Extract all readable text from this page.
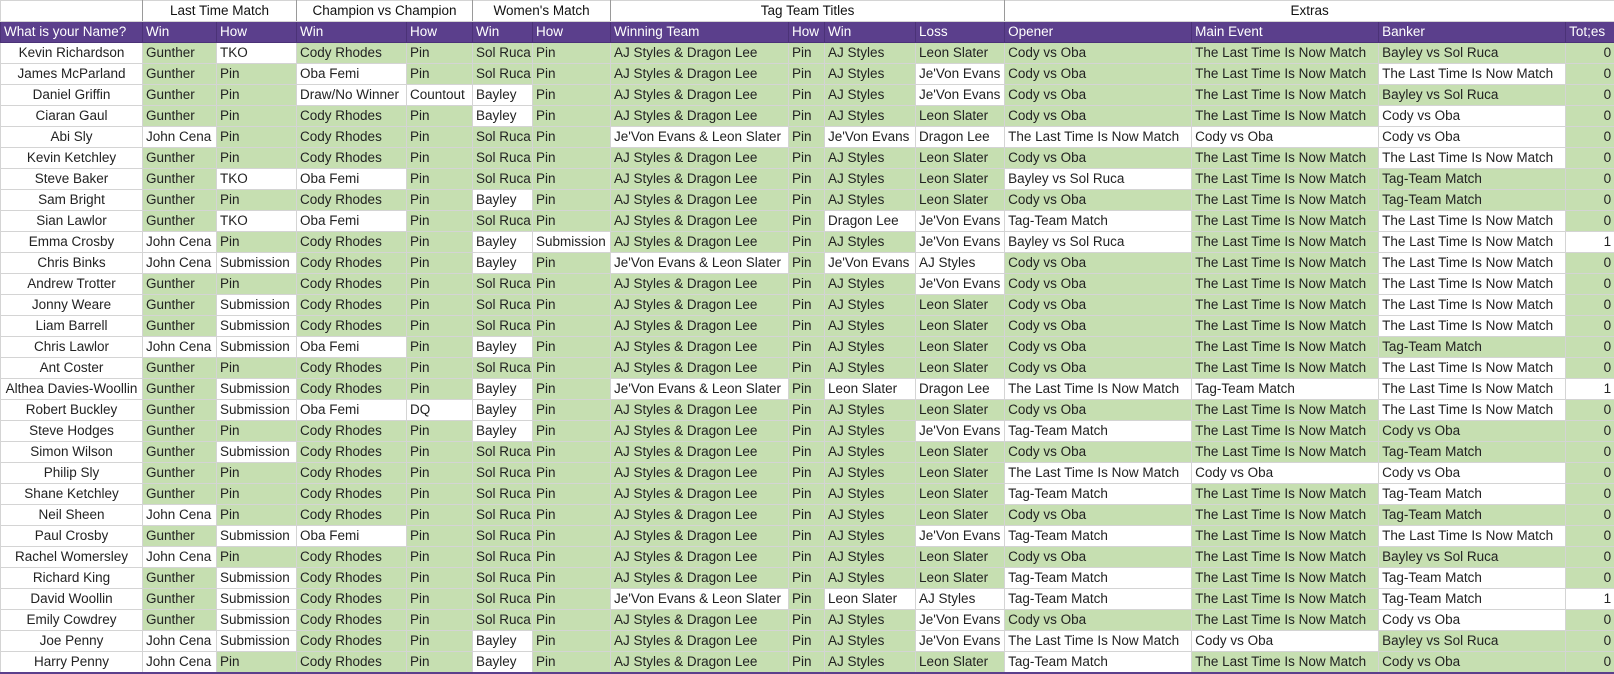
	Last Time Match		Champion vs Champion		Women's Match		Tag Team Titles				Extras			
What is your Name?	Win	How	Win	How	Win	How	Winning Team	How	Win	Loss	Opener	Main Event	Banker	Tot;es
Kevin Richardson	Gunther	TKO	Cody Rhodes	Pin	Sol Ruca	Pin	AJ Styles & Dragon Lee	Pin	AJ Styles	Leon Slater	Cody vs Oba	The Last Time Is Now Match	Bayley vs Sol Ruca	0
James McParland	Gunther	Pin	Oba Femi	Pin	Sol Ruca	Pin	AJ Styles & Dragon Lee	Pin	AJ Styles	Je'Von Evans	Cody vs Oba	The Last Time Is Now Match	The Last Time Is Now Match	0
Daniel Griffin	Gunther	Pin	Draw/No Winner	Countout	Bayley	Pin	AJ Styles & Dragon Lee	Pin	AJ Styles	Je'Von Evans	Cody vs Oba	The Last Time Is Now Match	Bayley vs Sol Ruca	0
Ciaran Gaul	Gunther	Pin	Cody Rhodes	Pin	Bayley	Pin	AJ Styles & Dragon Lee	Pin	AJ Styles	Leon Slater	Cody vs Oba	The Last Time Is Now Match	Cody vs Oba	0
Abi Sly	John Cena	Pin	Cody Rhodes	Pin	Sol Ruca	Pin	Je'Von Evans & Leon Slater	Pin	Je'Von Evans	Dragon Lee	The Last Time Is Now Match	Cody vs Oba	Cody vs Oba	0
Kevin Ketchley	Gunther	Pin	Cody Rhodes	Pin	Sol Ruca	Pin	AJ Styles & Dragon Lee	Pin	AJ Styles	Leon Slater	Cody vs Oba	The Last Time Is Now Match	The Last Time Is Now Match	0
Steve Baker	Gunther	TKO	Oba Femi	Pin	Sol Ruca	Pin	AJ Styles & Dragon Lee	Pin	AJ Styles	Leon Slater	Bayley vs Sol Ruca	The Last Time Is Now Match	Tag-Team Match	0
Sam Bright	Gunther	Pin	Cody Rhodes	Pin	Bayley	Pin	AJ Styles & Dragon Lee	Pin	AJ Styles	Leon Slater	Cody vs Oba	The Last Time Is Now Match	Tag-Team Match	0
Sian Lawlor	Gunther	TKO	Oba Femi	Pin	Sol Ruca	Pin	AJ Styles & Dragon Lee	Pin	Dragon Lee	Je'Von Evans	Tag-Team Match	The Last Time Is Now Match	The Last Time Is Now Match	0
Emma Crosby	John Cena	Pin	Cody Rhodes	Pin	Bayley	Submission	AJ Styles & Dragon Lee	Pin	AJ Styles	Je'Von Evans	Bayley vs Sol Ruca	The Last Time Is Now Match	The Last Time Is Now Match	1
Chris Binks	John Cena	Submission	Cody Rhodes	Pin	Bayley	Pin	Je'Von Evans & Leon Slater	Pin	Je'Von Evans	AJ Styles	Cody vs Oba	The Last Time Is Now Match	The Last Time Is Now Match	0
Andrew Trotter	Gunther	Pin	Cody Rhodes	Pin	Sol Ruca	Pin	AJ Styles & Dragon Lee	Pin	AJ Styles	Je'Von Evans	Cody vs Oba	The Last Time Is Now Match	The Last Time Is Now Match	0
Jonny Weare	Gunther	Submission	Cody Rhodes	Pin	Sol Ruca	Pin	AJ Styles & Dragon Lee	Pin	AJ Styles	Leon Slater	Cody vs Oba	The Last Time Is Now Match	The Last Time Is Now Match	0
Liam Barrell	Gunther	Submission	Cody Rhodes	Pin	Sol Ruca	Pin	AJ Styles & Dragon Lee	Pin	AJ Styles	Leon Slater	Cody vs Oba	The Last Time Is Now Match	The Last Time Is Now Match	0
Chris Lawlor	John Cena	Submission	Oba Femi	Pin	Bayley	Pin	AJ Styles & Dragon Lee	Pin	AJ Styles	Leon Slater	Cody vs Oba	The Last Time Is Now Match	Tag-Team Match	0
Ant Coster	Gunther	Pin	Cody Rhodes	Pin	Sol Ruca	Pin	AJ Styles & Dragon Lee	Pin	AJ Styles	Leon Slater	Cody vs Oba	The Last Time Is Now Match	The Last Time Is Now Match	0
Althea Davies-Woollin	Gunther	Submission	Cody Rhodes	Pin	Bayley	Pin	Je'Von Evans & Leon Slater	Pin	Leon Slater	Dragon Lee	The Last Time Is Now Match	Tag-Team Match	The Last Time Is Now Match	1
Robert Buckley	Gunther	Submission	Oba Femi	DQ	Bayley	Pin	AJ Styles & Dragon Lee	Pin	AJ Styles	Leon Slater	Cody vs Oba	The Last Time Is Now Match	The Last Time Is Now Match	0
Steve Hodges	Gunther	Pin	Cody Rhodes	Pin	Bayley	Pin	AJ Styles & Dragon Lee	Pin	AJ Styles	Je'Von Evans	Tag-Team Match	The Last Time Is Now Match	Cody vs Oba	0
Simon Wilson	Gunther	Submission	Cody Rhodes	Pin	Sol Ruca	Pin	AJ Styles & Dragon Lee	Pin	AJ Styles	Leon Slater	Cody vs Oba	The Last Time Is Now Match	Tag-Team Match	0
Philip Sly	Gunther	Pin	Cody Rhodes	Pin	Sol Ruca	Pin	AJ Styles & Dragon Lee	Pin	AJ Styles	Leon Slater	The Last Time Is Now Match	Cody vs Oba	Cody vs Oba	0
Shane Ketchley	Gunther	Pin	Cody Rhodes	Pin	Sol Ruca	Pin	AJ Styles & Dragon Lee	Pin	AJ Styles	Leon Slater	Tag-Team Match	The Last Time Is Now Match	Tag-Team Match	0
Neil Sheen	John Cena	Pin	Cody Rhodes	Pin	Sol Ruca	Pin	AJ Styles & Dragon Lee	Pin	AJ Styles	Leon Slater	Cody vs Oba	The Last Time Is Now Match	Tag-Team Match	0
Paul Crosby	Gunther	Submission	Oba Femi	Pin	Sol Ruca	Pin	AJ Styles & Dragon Lee	Pin	AJ Styles	Je'Von Evans	Tag-Team Match	The Last Time Is Now Match	The Last Time Is Now Match	0
Rachel Womersley	John Cena	Pin	Cody Rhodes	Pin	Sol Ruca	Pin	AJ Styles & Dragon Lee	Pin	AJ Styles	Leon Slater	Cody vs Oba	The Last Time Is Now Match	Bayley vs Sol Ruca	0
Richard King	Gunther	Submission	Cody Rhodes	Pin	Sol Ruca	Pin	AJ Styles & Dragon Lee	Pin	AJ Styles	Leon Slater	Tag-Team Match	The Last Time Is Now Match	Tag-Team Match	0
David Woollin	Gunther	Submission	Cody Rhodes	Pin	Sol Ruca	Pin	Je'Von Evans & Leon Slater	Pin	Leon Slater	AJ Styles	Tag-Team Match	The Last Time Is Now Match	Tag-Team Match	1
Emily Cowdrey	Gunther	Submission	Cody Rhodes	Pin	Sol Ruca	Pin	AJ Styles & Dragon Lee	Pin	AJ Styles	Je'Von Evans	Cody vs Oba	The Last Time Is Now Match	Cody vs Oba	0
Joe Penny	John Cena	Submission	Cody Rhodes	Pin	Bayley	Pin	AJ Styles & Dragon Lee	Pin	AJ Styles	Je'Von Evans	The Last Time Is Now Match	Cody vs Oba	Bayley vs Sol Ruca	0
Harry Penny	John Cena	Pin	Cody Rhodes	Pin	Bayley	Pin	AJ Styles & Dragon Lee	Pin	AJ Styles	Leon Slater	Tag-Team Match	The Last Time Is Now Match	Cody vs Oba	0
